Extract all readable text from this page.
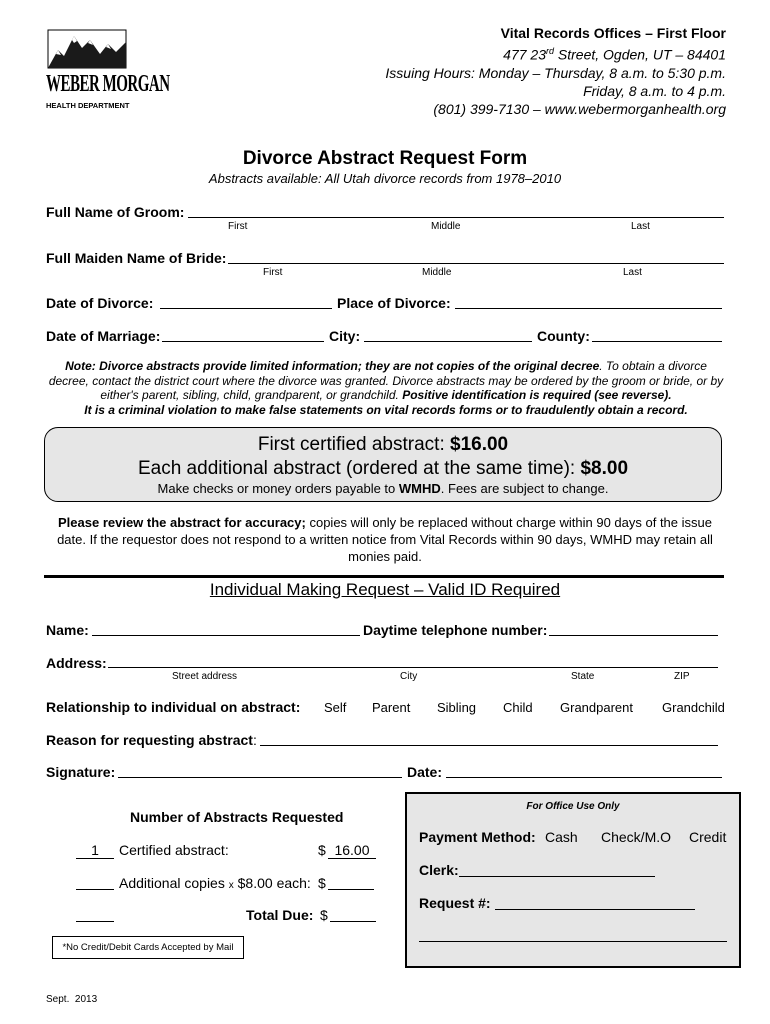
WEBER MORGAN
HEALTH DEPARTMENT
Vital Records Offices – First Floor
477 23rd Street, Ogden, UT – 84401
Issuing Hours: Monday – Thursday, 8 a.m. to 5:30 p.m.
Friday, 8 a.m. to 4 p.m.
(801) 399-7130 – www.webermorganhealth.org
Divorce Abstract Request Form
Abstracts available: All Utah divorce records from 1978–2010
Full Name of Groom:
First	Middle	Last
Full Maiden Name of Bride:
First	Middle	Last
Date of Divorce:	Place of Divorce:
Date of Marriage:	City:	County:
Note: Divorce abstracts provide limited information; they are not copies of the original decree. To obtain a divorce decree, contact the district court where the divorce was granted. Divorce abstracts may be ordered by the groom or bride, or by either's parent, sibling, child, grandparent, or grandchild. Positive identification is required (see reverse).
It is a criminal violation to make false statements on vital records forms or to fraudulently obtain a record.
First certified abstract: $16.00
Each additional abstract (ordered at the same time): $8.00
Make checks or money orders payable to WMHD. Fees are subject to change.
Please review the abstract for accuracy; copies will only be replaced without charge within 90 days of the issue date. If the requestor does not respond to a written notice from Vital Records within 90 days, WMHD may retain all monies paid.
Individual Making Request – Valid ID Required
Name:	Daytime telephone number:
Address:
Street address	City	State	ZIP
Relationship to individual on abstract: Self Parent Sibling Child Grandparent Grandchild
Reason for requesting abstract:
Signature:	Date:
Number of Abstracts Requested
1	Certified abstract:	$ 16.00
Additional copies x $8.00 each: $
Total Due: $
*No Credit/Debit Cards Accepted by Mail
For Office Use Only
Payment Method: Cash Check/M.O Credit
Clerk:
Request #:
Sept.  2013
